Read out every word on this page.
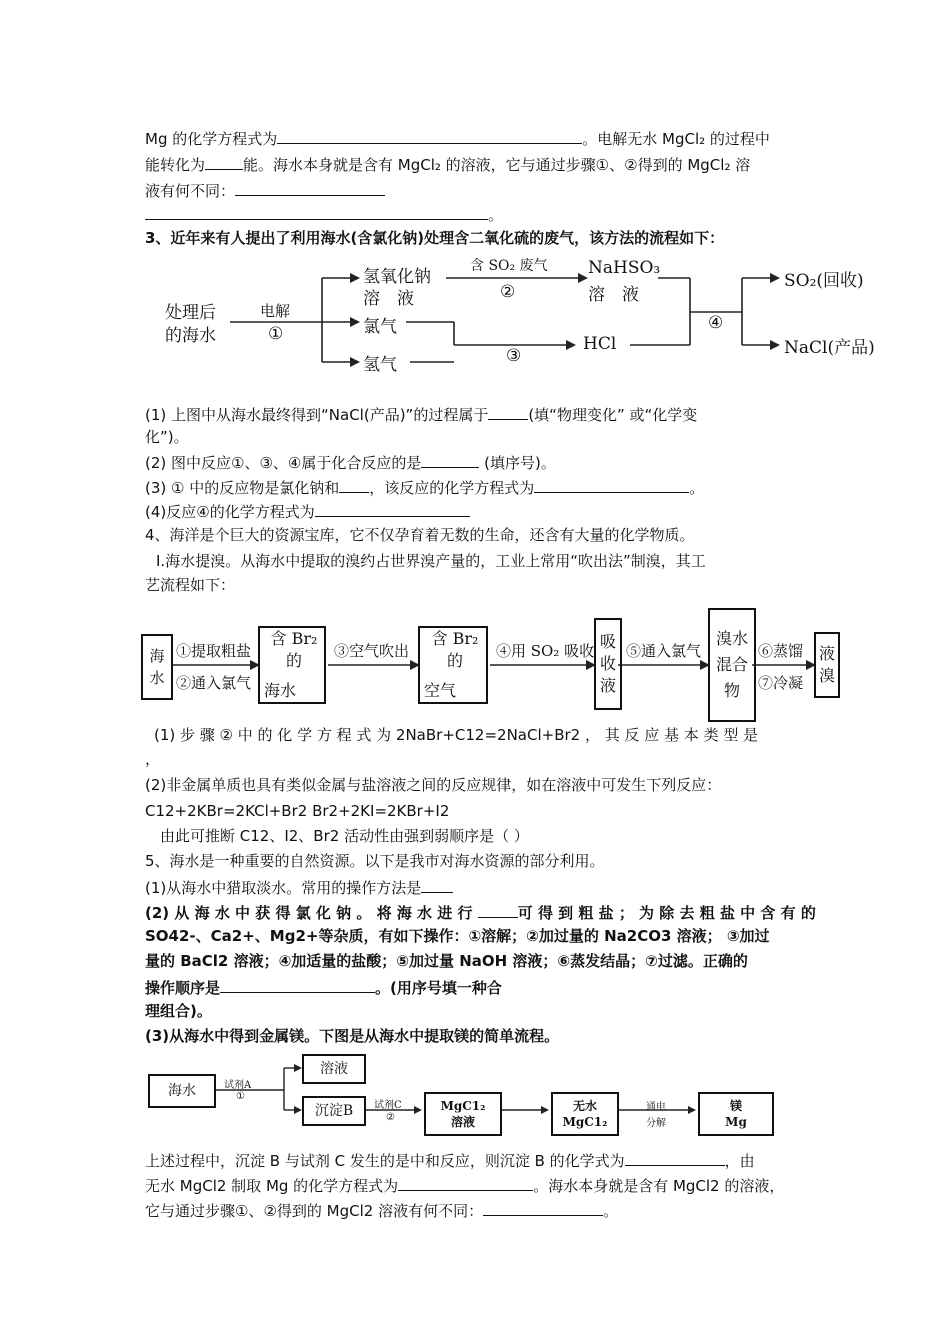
Mg 的化学方程式为	。电解无水 MgCl₂ 的过程中
能转化为	能。海水本身就是含有 MgCl₂ 的溶液，它与通过步骤①、②得到的 MgCl₂ 溶
液有何不同：
。
3、近年来有人提出了利用海水(含氯化钠)处理含二氧化硫的废气，该方法的流程如下：
处理后
的海水
电解
①
氢氧化钠
溶　液
氯气
氢气
含 SO₂ 废气
②
NaHSO₃
溶　液
③
HCl
④
SO₂(回收)
NaCl(产品)
(1) 上图中从海水最终得到“NaCl(产品)”的过程属于	(填“物理变化” 或“化学变
化”)。
(2) 图中反应①、③、④属于化合反应的是	(填序号)。
(3) ① 中的反应物是氯化钠和 ，该反应的化学方程式为	。
(4)反应④的化学方程式为
4、海洋是个巨大的资源宝库，它不仅孕育着无数的生命，还含有大量的化学物质。
Ⅰ.海水提溴。从海水中提取的溴约占世界溴产量的，工业上常用“吹出法”制溴，其工
艺流程如下：
海
水
①提取粗盐
②通入氯气
含 Br₂ 的
海水
③空气吹出
含 Br₂ 的
空气
④用 SO₂ 吸收 吸
收
液
⑤通入氯气
溴水
混合
物
⑥蒸馏
⑦冷凝
液
溴
(1) 步 骤 ② 中 的 化 学 方 程 式 为 2NaBr+C12=2NaCl+Br2 ， 其 反 应 基 本 类 型 是
，
(2)非金属单质也具有类似金属与盐溶液之间的反应规律，如在溶液中可发生下列反应：
C12+2KBr=2KCl+Br2 Br2+2KI=2KBr+I2
由此可推断 C12、I2、Br2 活动性由强到弱顺序是（ ）
5、海水是一种重要的自然资源。以下是我市对海水资源的部分利用。
(1)从海水中猎取淡水。常用的操作方法是
(2) 从 海 水 中 获 得 氯 化 钠 。 将 海 水 进 行	可 得 到 粗 盐 ； 为 除 去 粗 盐 中 含 有 的
SO42-、Ca2+、Mg2+等杂质，有如下操作：①溶解；②加过量的 Na2CO3 溶液； ③加过
量的 BaCl2 溶液；④加适量的盐酸；⑤加过量 NaOH 溶液；⑥蒸发结晶；⑦过滤。正确的
操作顺序是	。(用序号填一种合
理组合)。
(3)从海水中得到金属镁。下图是从海水中提取镁的简单流程。
海水	试剂A
①
溶液
沉淀B	试剂C
②
MgC1₂
溶液
无水
MgC1₂
通电
分解
镁
Mg
上述过程中，沉淀 B 与试剂 C 发生的是中和反应，则沉淀 B 的化学式为	，由
无水 MgCl2 制取 Mg 的化学方程式为	。海水本身就是含有 MgCl2 的溶液，
它与通过步骤①、②得到的 MgCl2 溶液有何不同：	。
